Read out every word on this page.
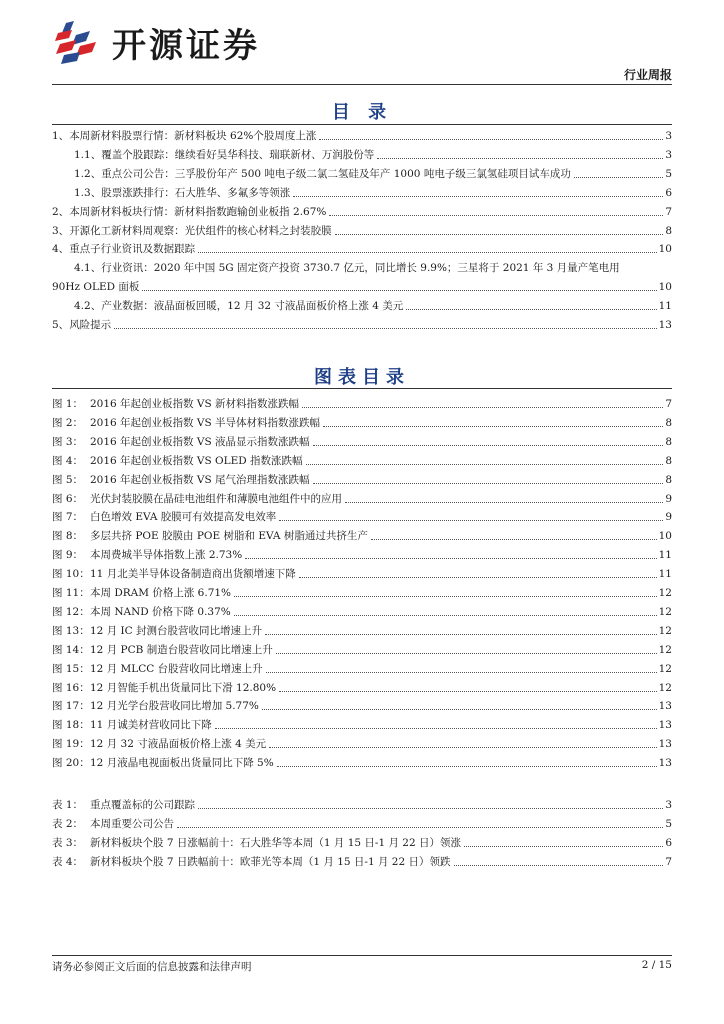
开源证券
行业周报
目 录
1、 本周新材料股票行情：新材料板块 62%个股周度上涨	3
1.1、 覆盖个股跟踪：继续看好昊华科技、瑞联新材、万润股份等	3
1.2、 重点公司公告：三孚股份年产 500 吨电子级二氯二氢硅及年产 1000 吨电子级三氯氢硅项目试车成功	5
1.3、 股票涨跌排行：石大胜华、多氟多等领涨	6
2、 本周新材料板块行情：新材料指数跑输创业板指 2.67%	7
3、 开源化工新材料周观察：光伏组件的核心材料之封装胶膜	8
4、 重点子行业资讯及数据跟踪	10
4.1、行业资讯：2020 年中国 5G 固定资产投资 3730.7 亿元，同比增长 9.9%；三星将于 2021 年 3 月量产笔电用
90Hz OLED 面板	10
4.2、 产业数据：液晶面板回暖，12 月 32 寸液晶面板价格上涨 4 美元	11
5、 风险提示	13
图表目录
图 1： 2016 年起创业板指数 VS 新材料指数涨跌幅	7
图 2： 2016 年起创业板指数 VS 半导体材料指数涨跌幅	8
图 3： 2016 年起创业板指数 VS 液晶显示指数涨跌幅	8
图 4： 2016 年起创业板指数 VS OLED 指数涨跌幅	8
图 5： 2016 年起创业板指数 VS 尾气治理指数涨跌幅	8
图 6： 光伏封装胶膜在晶硅电池组件和薄膜电池组件中的应用	9
图 7： 白色增效 EVA 胶膜可有效提高发电效率	9
图 8： 多层共挤 POE 胶膜由 POE 树脂和 EVA 树脂通过共挤生产	10
图 9： 本周费城半导体指数上涨 2.73%	11
图 10： 11 月北美半导体设备制造商出货额增速下降	11
图 11： 本周 DRAM 价格上涨 6.71%	12
图 12： 本周 NAND 价格下降 0.37%	12
图 13： 12 月 IC 封测台股营收同比增速上升	12
图 14： 12 月 PCB 制造台股营收同比增速上升	12
图 15： 12 月 MLCC 台股营收同比增速上升	12
图 16： 12 月智能手机出货量同比下滑 12.80%	12
图 17： 12 月光学台股营收同比增加 5.77%	13
图 18： 11 月诚美材营收同比下降	13
图 19： 12 月 32 寸液晶面板价格上涨 4 美元	13
图 20： 12 月液晶电视面板出货量同比下降 5%	13
表 1： 重点覆盖标的公司跟踪	3
表 2： 本周重要公司公告	5
表 3： 新材料板块个股 7 日涨幅前十：石大胜华等本周（1 月 15 日-1 月 22 日）领涨	6
表 4： 新材料板块个股 7 日跌幅前十：欧菲光等本周（1 月 15 日-1 月 22 日）领跌	7
请务必参阅正文后面的信息披露和法律声明	2 / 15
